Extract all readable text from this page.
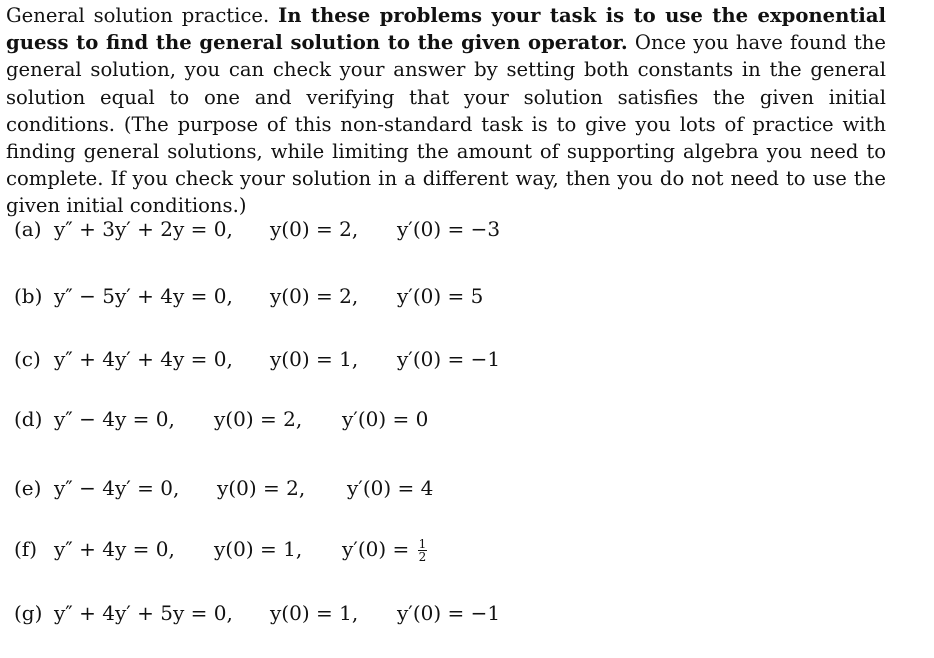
General solution practice. In these problems your task is to use the exponential guess to find the general solution to the given operator. Once you have found the general solution, you can check your answer by setting both constants in the general solution equal to one and verifying that your solution satisfies the given initial conditions. (The purpose of this non-standard task is to give you lots of practice with finding general solutions, while limiting the amount of supporting algebra you need to complete. If you check your solution in a different way, then you do not need to use the given initial conditions.)

(a) y″ + 3y′ + 2y = 0, y(0) = 2, y′(0) = −3
(b) y″ − 5y′ + 4y = 0, y(0) = 2, y′(0) = 5
(c) y″ + 4y′ + 4y = 0, y(0) = 1, y′(0) = −1
(d) y″ − 4y = 0, y(0) = 2, y′(0) = 0
(e) y″ − 4y′ = 0, y(0) = 2, y′(0) = 4
(f) y″ + 4y = 0, y(0) = 1, $y'(0) = \frac{1}{2}$
(g) y″ + 4y′ + 5y = 0, y(0) = 1, y′(0) = −1
